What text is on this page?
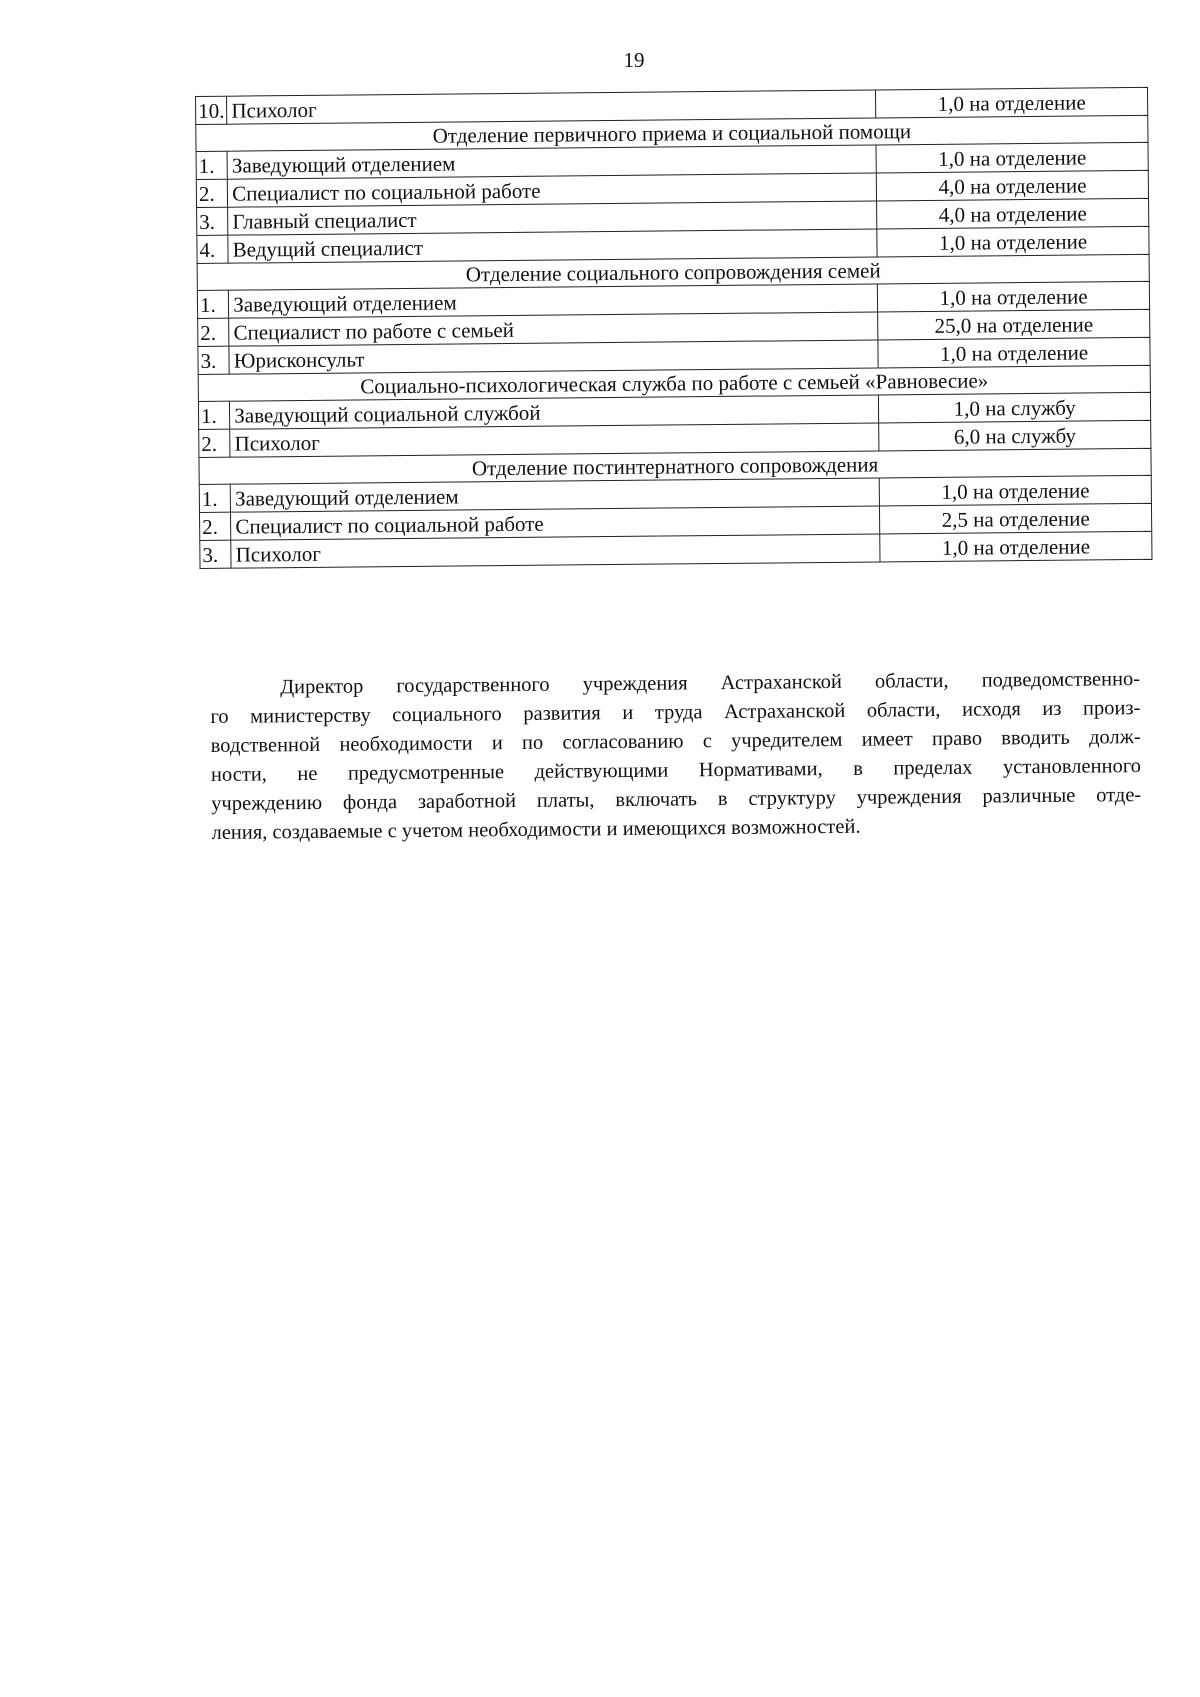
19
10.	Психолог	1,0 на отделение
Отделение первичного приема и социальной помощи		
1.	Заведующий отделением	1,0 на отделение
2.	Специалист по социальной работе	4,0 на отделение
3.	Главный специалист	4,0 на отделение
4.	Ведущий специалист	1,0 на отделение
Отделение социального сопровождения семей		
1.	Заведующий отделением	1,0 на отделение
2.	Специалист по работе с семьей	25,0 на отделение
3.	Юрисконсульт	1,0 на отделение
Социально-психологическая служба по работе с семьей «Равновесие»		
1.	Заведующий социальной службой	1,0 на службу
2.	Психолог	6,0 на службу
Отделение постинтернатного сопровождения		
1.	Заведующий отделением	1,0 на отделение
2.	Специалист по социальной работе	2,5 на отделение
3.	Психолог	1,0 на отделение
Директор государственного учреждения Астраханской области, подведомственно-
го министерству социального развития и труда Астраханской области, исходя из произ-
водственной необходимости и по согласованию с учредителем имеет право вводить долж-
ности, не предусмотренные действующими Нормативами, в пределах установленного
учреждению фонда заработной платы, включать в структуру учреждения различные отде-
ления, создаваемые с учетом необходимости и имеющихся возможностей.
